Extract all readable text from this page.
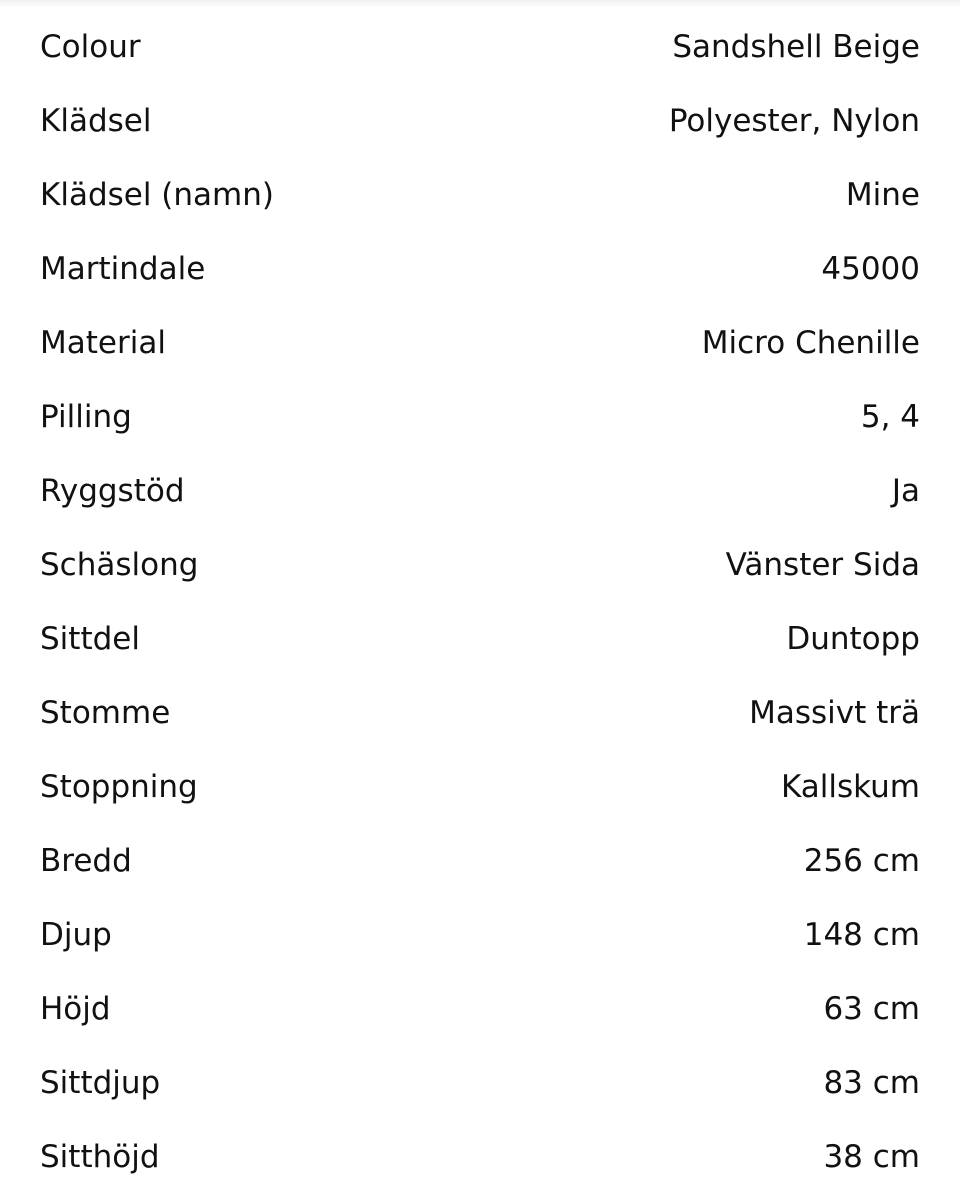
Colour	Sandshell Beige
Klädsel	Polyester, Nylon
Klädsel (namn)	Mine
Martindale	45000
Material	Micro Chenille
Pilling	5, 4
Ryggstöd	Ja
Schäslong	Vänster Sida
Sittdel	Duntopp
Stomme	Massivt trä
Stoppning	Kallskum
Bredd	256 cm
Djup	148 cm
Höjd	63 cm
Sittdjup	83 cm
Sitthöjd	38 cm
